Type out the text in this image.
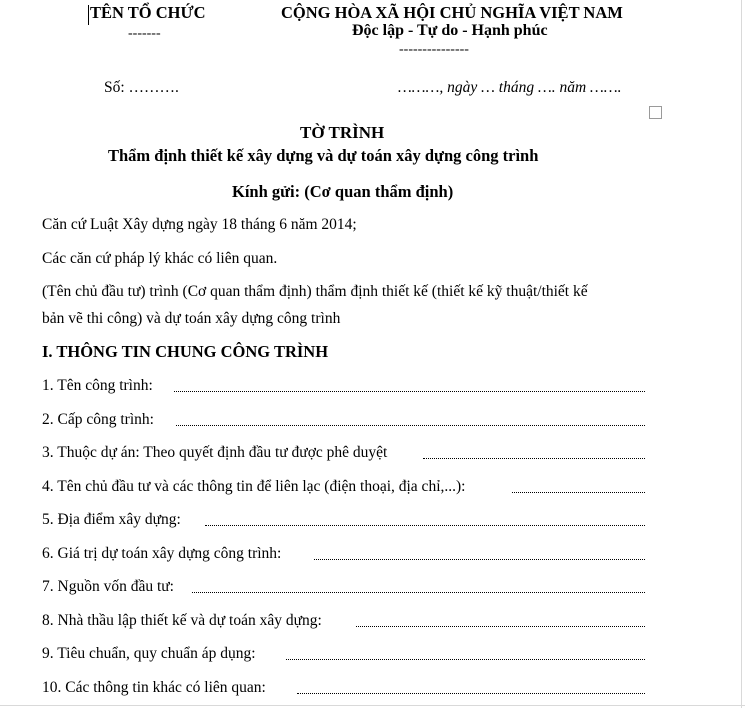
TÊN TỔ CHỨC
-------
CỘNG HÒA XÃ HỘI CHỦ NGHĨA VIỆT NAM
Độc lập - Tự do - Hạnh phúc
---------------
Số: ……….	………, ngày … tháng …. năm …….
TỜ TRÌNH
Thẩm định thiết kế xây dựng và dự toán xây dựng công trình
Kính gửi: (Cơ quan thẩm định)
Căn cứ Luật Xây dựng ngày 18 tháng 6 năm 2014;
Các căn cứ pháp lý khác có liên quan.
(Tên chủ đầu tư) trình (Cơ quan thẩm định) thẩm định thiết kế (thiết kế kỹ thuật/thiết kế
bản vẽ thi công) và dự toán xây dựng công trình
I. THÔNG TIN CHUNG CÔNG TRÌNH
1. Tên công trình:
2. Cấp công trình:
3. Thuộc dự án: Theo quyết định đầu tư được phê duyệt
4. Tên chủ đầu tư và các thông tin để liên lạc (điện thoại, địa chỉ,...):
5. Địa điểm xây dựng:
6. Giá trị dự toán xây dựng công trình:
7. Nguồn vốn đầu tư:
8. Nhà thầu lập thiết kế và dự toán xây dựng:
9. Tiêu chuẩn, quy chuẩn áp dụng:
10. Các thông tin khác có liên quan:
